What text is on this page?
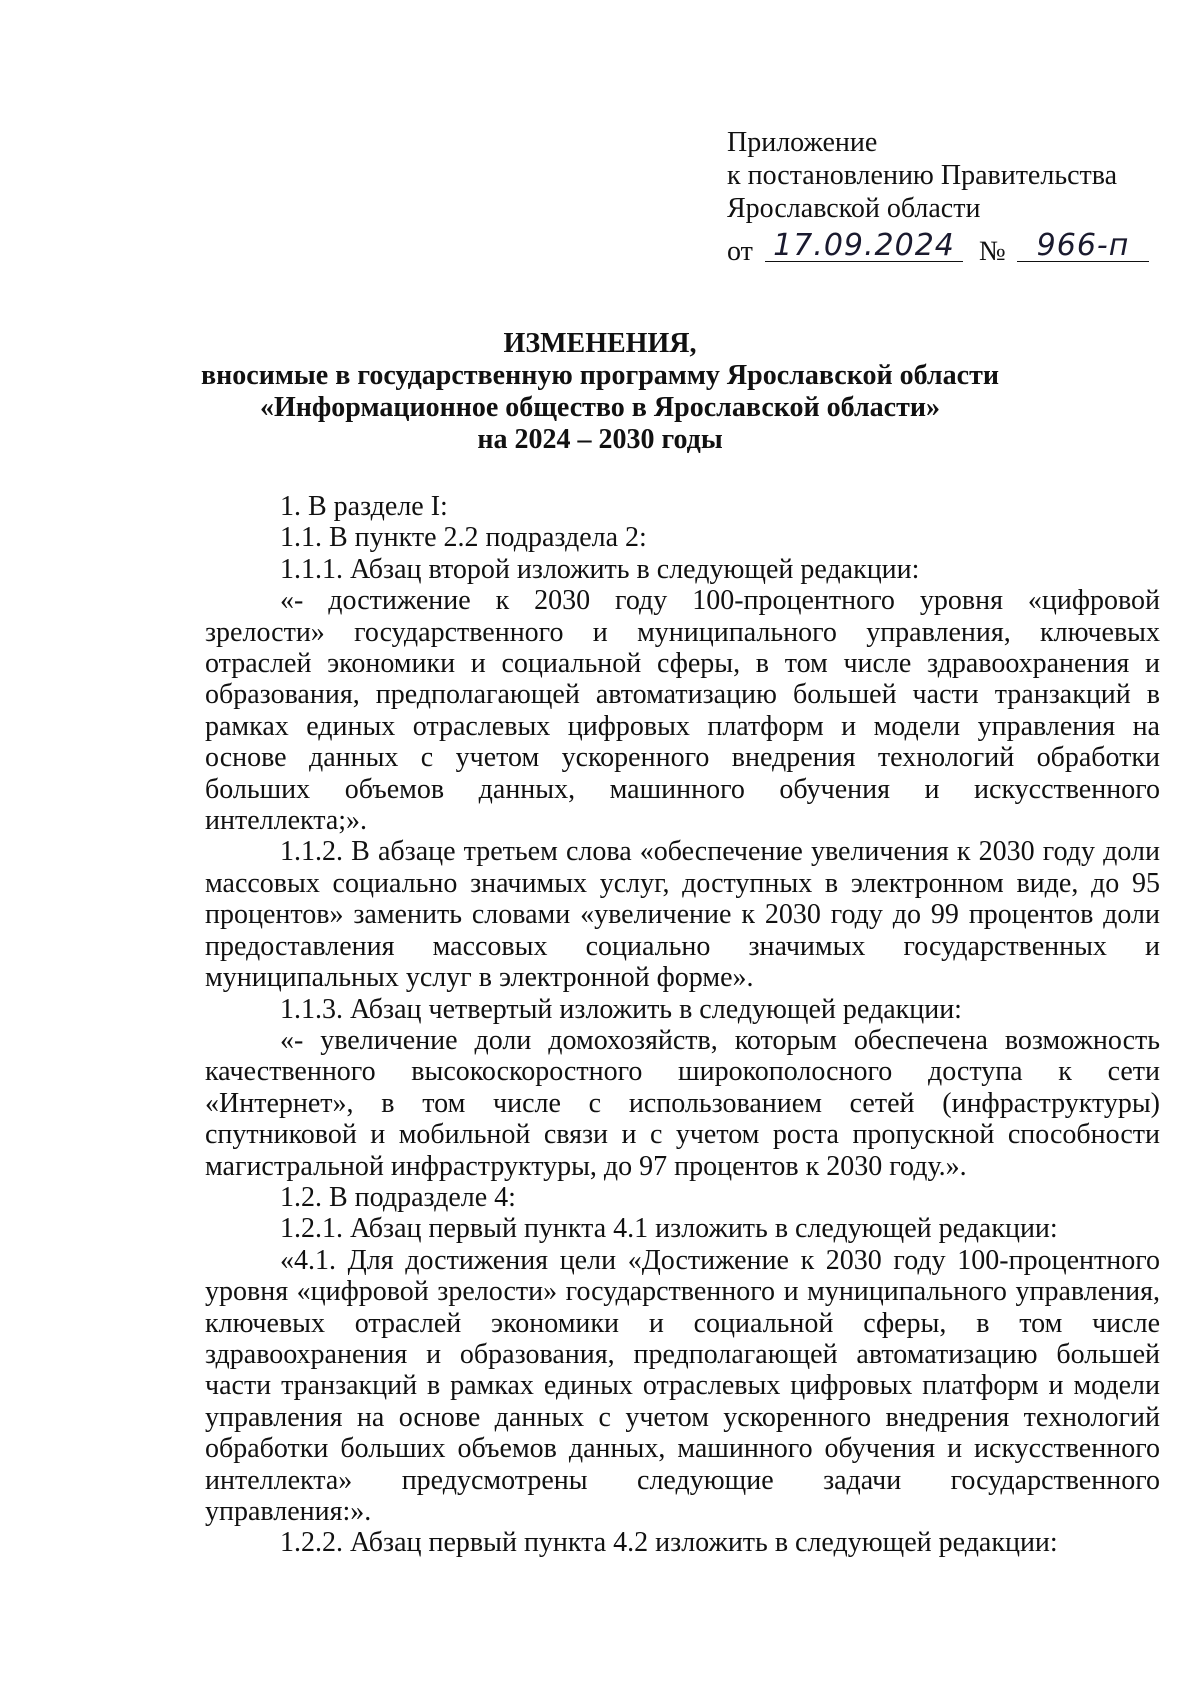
Приложение
к постановлению Правительства
Ярославской области
от 17.09.2024 №	966-п
ИЗМЕНЕНИЯ,
вносимые в государственную программу Ярославской области
«Информационное общество в Ярославской области»
на 2024 – 2030 годы

1. В разделе I:

1.1. В пункте 2.2 подраздела 2:

1.1.1. Абзац второй изложить в следующей редакции:

«- достижение к 2030 году 100-процентного уровня «цифровой зрелости» государственного и муниципального управления, ключевых отраслей экономики и социальной сферы, в том числе здравоохранения и образования, предполагающей автоматизацию большей части транзакций в рамках единых отраслевых цифровых платформ и модели управления на основе данных с учетом ускоренного внедрения технологий обработки больших объемов данных, машинного обучения и искусственного интеллекта;».

1.1.2. В абзаце третьем слова «обеспечение увеличения к 2030 году доли массовых социально значимых услуг, доступных в электронном виде, до 95 процентов» заменить словами «увеличение к 2030 году до 99 процентов доли предоставления массовых социально значимых государственных и муниципальных услуг в электронной форме».

1.1.3. Абзац четвертый изложить в следующей редакции:

«- увеличение доли домохозяйств, которым обеспечена возможность качественного высокоскоростного широкополосного доступа к сети «Интернет», в том числе с использованием сетей (инфраструктуры) спутниковой и мобильной связи и с учетом роста пропускной способности магистральной инфраструктуры, до 97 процентов к 2030 году.».

1.2. В подразделе 4:

1.2.1. Абзац первый пункта 4.1 изложить в следующей редакции:

«4.1. Для достижения цели «Достижение к 2030 году 100-процентного уровня «цифровой зрелости» государственного и муниципального управления, ключевых отраслей экономики и социальной сферы, в том числе здравоохранения и образования, предполагающей автоматизацию большей части транзакций в рамках единых отраслевых цифровых платформ и модели управления на основе данных с учетом ускоренного внедрения технологий обработки больших объемов данных, машинного обучения и искусственного интеллекта» предусмотрены следующие задачи государственного управления:».

1.2.2. Абзац первый пункта 4.2 изложить в следующей редакции:
